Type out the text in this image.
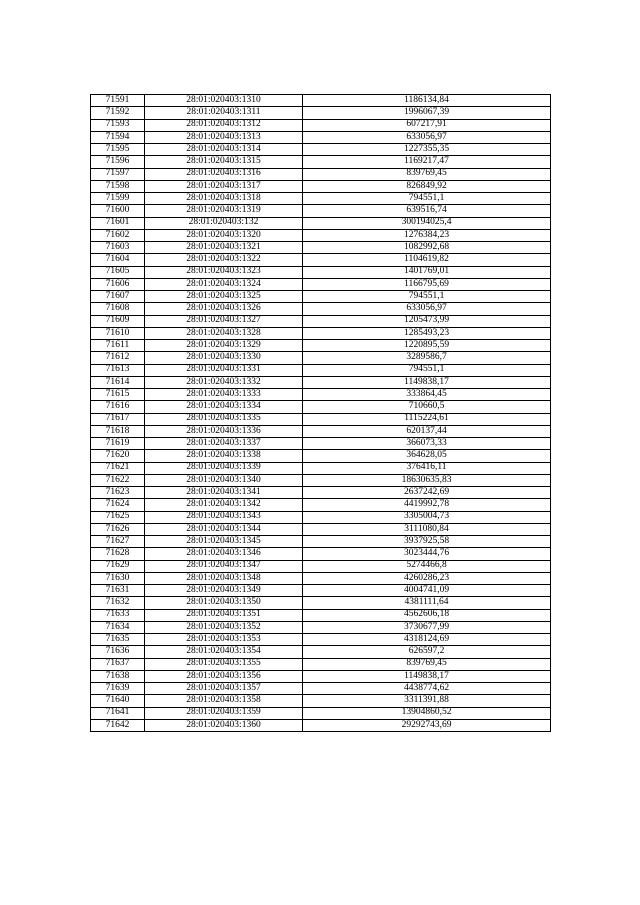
71591	28:01:020403:1310	1186134,84
71592	28:01:020403:1311	1996067,39
71593	28:01:020403:1312	607217,91
71594	28:01:020403:1313	633056,97
71595	28:01:020403:1314	1227355,35
71596	28:01:020403:1315	1169217,47
71597	28:01:020403:1316	839769,45
71598	28:01:020403:1317	826849,92
71599	28:01:020403:1318	794551,1
71600	28:01:020403:1319	639516,74
71601	28:01:020403:132	300194025,4
71602	28:01:020403:1320	1276384,23
71603	28:01:020403:1321	1082992,68
71604	28:01:020403:1322	1104619,82
71605	28:01:020403:1323	1401769,01
71606	28:01:020403:1324	1166795,69
71607	28:01:020403:1325	794551,1
71608	28:01:020403:1326	633056,97
71609	28:01:020403:1327	1205473,99
71610	28:01:020403:1328	1285493,23
71611	28:01:020403:1329	1220895,59
71612	28:01:020403:1330	3289586,7
71613	28:01:020403:1331	794551,1
71614	28:01:020403:1332	1149838,17
71615	28:01:020403:1333	333864,45
71616	28:01:020403:1334	710660,5
71617	28:01:020403:1335	1115224,61
71618	28:01:020403:1336	620137,44
71619	28:01:020403:1337	366073,33
71620	28:01:020403:1338	364628,05
71621	28:01:020403:1339	376416,11
71622	28:01:020403:1340	18630635,83
71623	28:01:020403:1341	2637242,69
71624	28:01:020403:1342	4419992,78
71625	28:01:020403:1343	3305004,73
71626	28:01:020403:1344	3111080,84
71627	28:01:020403:1345	3937925,58
71628	28:01:020403:1346	3023444,76
71629	28:01:020403:1347	5274466,8
71630	28:01:020403:1348	4260286,23
71631	28:01:020403:1349	4004741,09
71632	28:01:020403:1350	4381111,64
71633	28:01:020403:1351	4562606,18
71634	28:01:020403:1352	3730677,99
71635	28:01:020403:1353	4318124,69
71636	28:01:020403:1354	626597,2
71637	28:01:020403:1355	839769,45
71638	28:01:020403:1356	1149838,17
71639	28:01:020403:1357	4438774,62
71640	28:01:020403:1358	3311391,88
71641	28:01:020403:1359	13904860,52
71642	28:01:020403:1360	29292743,69
